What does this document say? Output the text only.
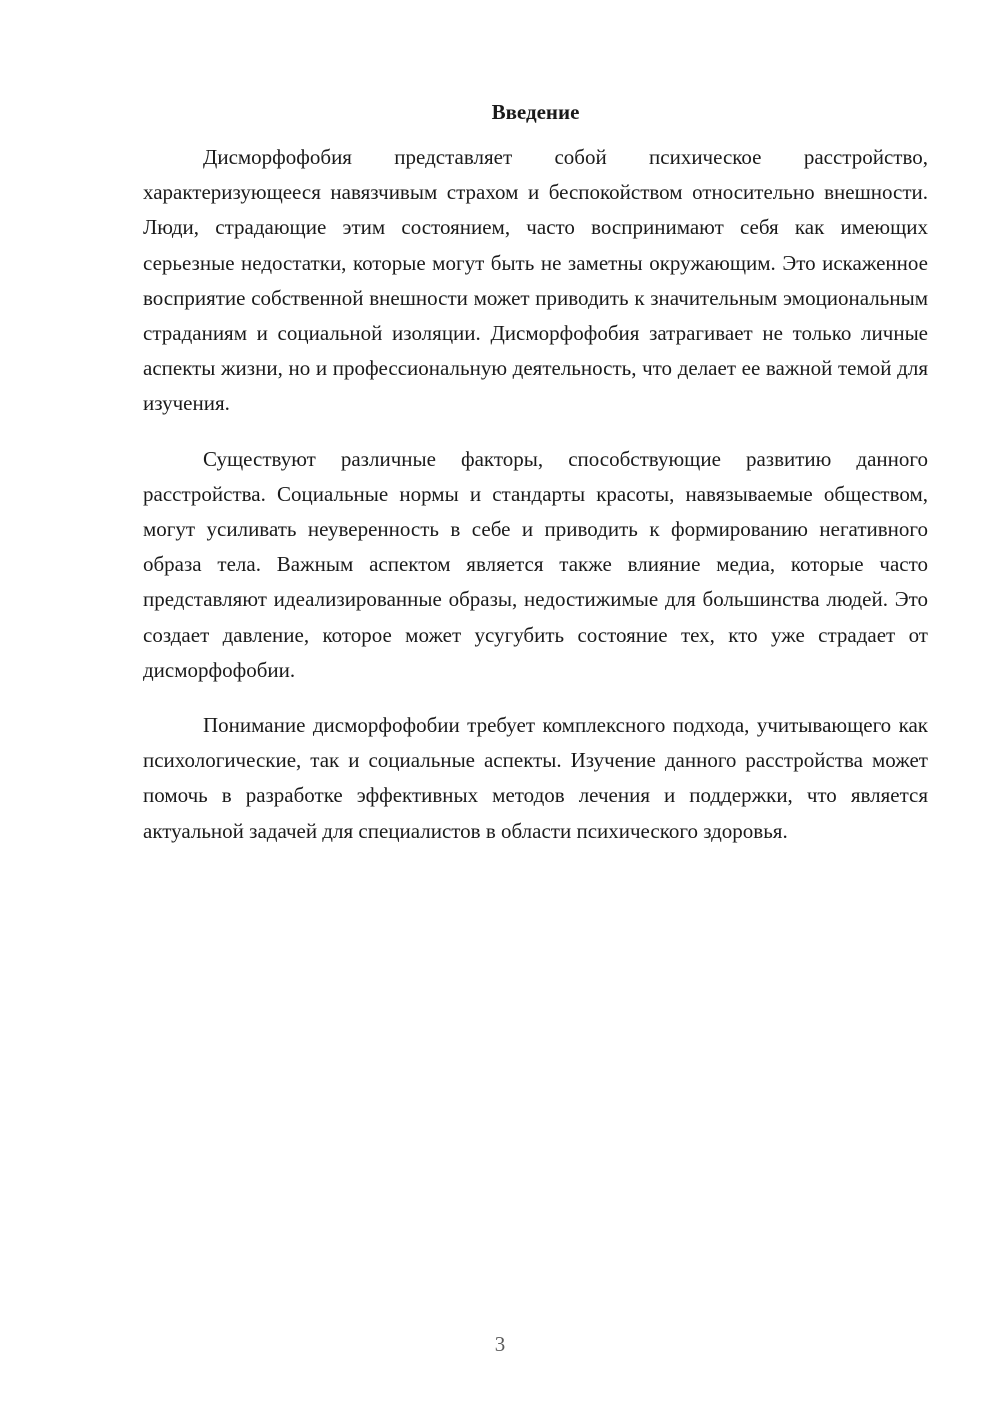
Введение

Дисморфофобия представляет собой психическое расстройство, характеризующееся навязчивым страхом и беспокойством относительно внешности. Люди, страдающие этим состоянием, часто воспринимают себя как имеющих серьезные недостатки, которые могут быть не заметны окружающим. Это искаженное восприятие собственной внешности может приводить к значительным эмоциональным страданиям и социальной изоляции. Дисморфофобия затрагивает не только личные аспекты жизни, но и профессиональную деятельность, что делает ее важной темой для изучения.

Существуют различные факторы, способствующие развитию данного расстройства. Социальные нормы и стандарты красоты, навязываемые обществом, могут усиливать неуверенность в себе и приводить к формированию негативного образа тела. Важным аспектом является также влияние медиа, которые часто представляют идеализированные образы, недостижимые для большинства людей. Это создает давление, которое может усугубить состояние тех, кто уже страдает от дисморфофобии.

Понимание дисморфофобии требует комплексного подхода, учитывающего как психологические, так и социальные аспекты. Изучение данного расстройства может помочь в разработке эффективных методов лечения и поддержки, что является актуальной задачей для специалистов в области психического здоровья.

3
